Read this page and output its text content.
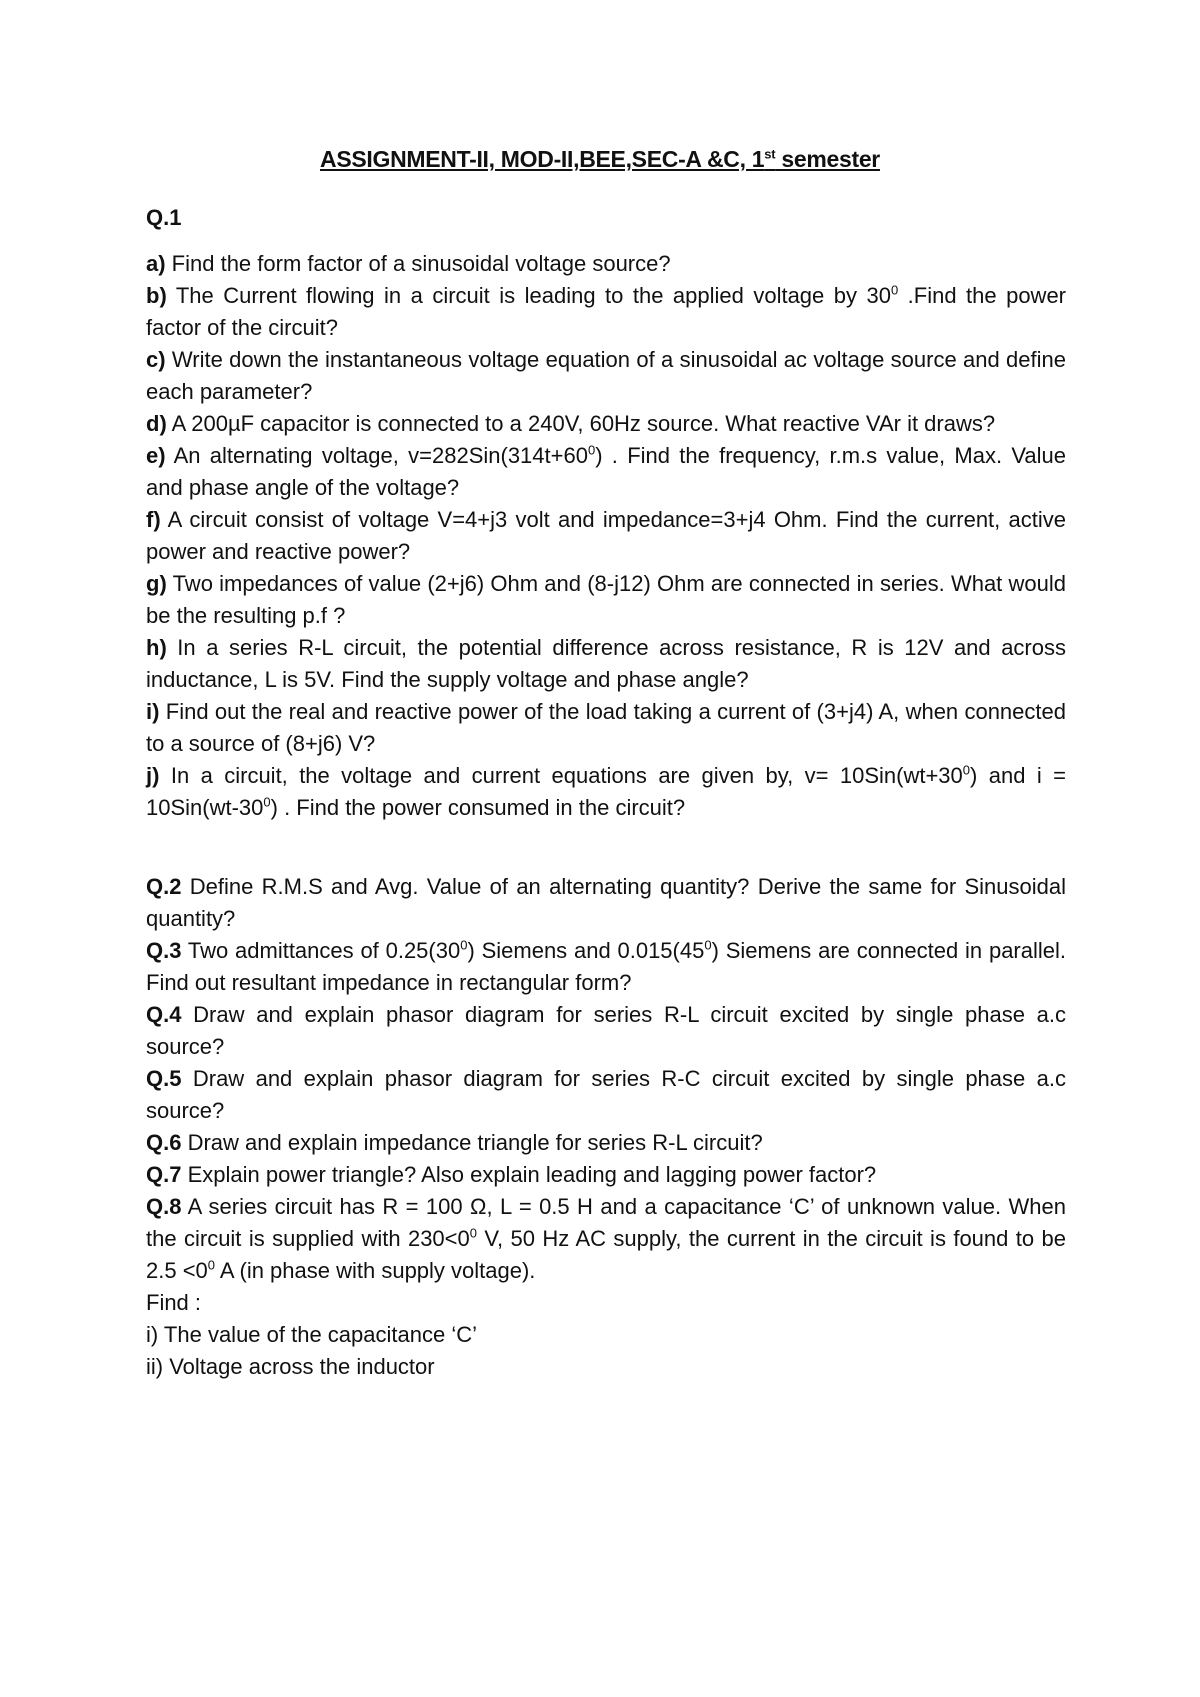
ASSIGNMENT-II, MOD-II,BEE,SEC-A &C, 1st semester
Q.1

a) Find the form factor of a sinusoidal voltage source?

b) The Current flowing in a circuit is leading to the applied voltage by $30^0$ .Find the power factor of the circuit?

c) Write down the instantaneous voltage equation of a sinusoidal ac voltage source and define each parameter?

d) A 200µF capacitor is connected to a 240V, 60Hz source. What reactive VAr it draws?

e) An alternating voltage, $v=282Sin(314t+60^0)$ . Find the frequency, r.m.s value, Max. Value and phase angle of the voltage?

f) A circuit consist of voltage V=4+j3 volt and impedance=3+j4 Ohm. Find the current, active power and reactive power?

g) Two impedances of value (2+j6) Ohm and (8-j12) Ohm are connected in series. What would be the resulting p.f ?

h) In a series R-L circuit, the potential difference across resistance, R is 12V and across inductance, L is 5V. Find the supply voltage and phase angle?

i) Find out the real and reactive power of the load taking a current of (3+j4) A, when connected to a source of (8+j6) V?

j) In a circuit, the voltage and current equations are given by, $v= 10Sin(wt+30^0)$ and $i = 10Sin(wt-30^0)$ . Find the power consumed in the circuit?

Q.2 Define R.M.S and Avg. Value of an alternating quantity? Derive the same for Sinusoidal quantity?

Q.3 Two admittances of $0.25(30^0)$ Siemens and $0.015(45^0)$ Siemens are connected in parallel. Find out resultant impedance in rectangular form?

Q.4 Draw and explain phasor diagram for series R-L circuit excited by single phase a.c source?

Q.5 Draw and explain phasor diagram for series R-C circuit excited by single phase a.c source?

Q.6 Draw and explain impedance triangle for series R-L circuit?

Q.7 Explain power triangle? Also explain leading and lagging power factor?

Q.8 A series circuit has R = 100 Ω, L = 0.5 H and a capacitance ‘C’ of unknown value. When the circuit is supplied with $230<0^0$ V, 50 Hz AC supply, the current in the circuit is found to be $2.5 <0^0$ A (in phase with supply voltage).

Find :

i) The value of the capacitance ‘C’

ii) Voltage across the inductor
